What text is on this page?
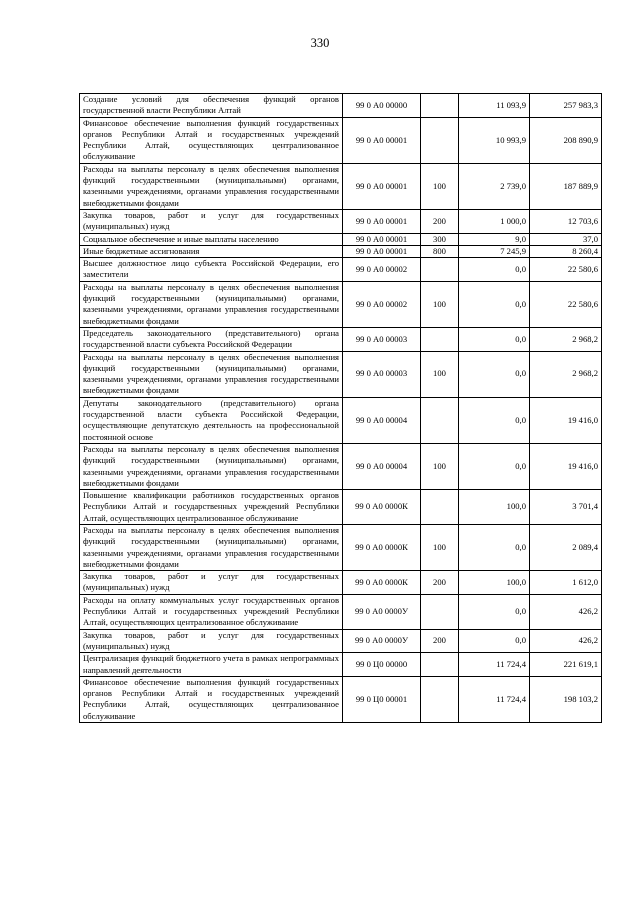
330
Создание условий для обеспечения функций органов государственной власти Республики Алтай	99 0 А0 00000		11 093,9	257 983,3
Финансовое обеспечение выполнения функций государственных органов Республики Алтай и государственных учреждений Республики Алтай, осуществляющих централизованное обслуживание	99 0 А0 00001		10 993,9	208 890,9
Расходы на выплаты персоналу в целях обеспечения выполнения функций государственными (муниципальными) органами, казенными учреждениями, органами управления государственными внебюджетными фондами	99 0 А0 00001	100	2 739,0	187 889,9
Закупка товаров, работ и услуг для государственных (муниципальных) нужд	99 0 А0 00001	200	1 000,0	12 703,6
Социальное обеспечение и иные выплаты населению	99 0 А0 00001	300	9,0	37,0
Иные бюджетные ассигнования	99 0 А0 00001	800	7 245,9	8 260,4
Высшее должностное лицо субъекта Российской Федерации, его заместители	99 0 А0 00002		0,0	22 580,6
Расходы на выплаты персоналу в целях обеспечения выполнения функций государственными (муниципальными) органами, казенными учреждениями, органами управления государственными внебюджетными фондами	99 0 А0 00002	100	0,0	22 580,6
Председатель законодательного (представительного) органа государственной власти субъекта Российской Федерации	99 0 А0 00003		0,0	2 968,2
Расходы на выплаты персоналу в целях обеспечения выполнения функций государственными (муниципальными) органами, казенными учреждениями, органами управления государственными внебюджетными фондами	99 0 А0 00003	100	0,0	2 968,2
Депутаты законодательного (представительного) органа государственной власти субъекта Российской Федерации, осуществляющие депутатскую деятельность на профессиональной постоянной основе	99 0 А0 00004		0,0	19 416,0
Расходы на выплаты персоналу в целях обеспечения выполнения функций государственными (муниципальными) органами, казенными учреждениями, органами управления государственными внебюджетными фондами	99 0 А0 00004	100	0,0	19 416,0
Повышение квалификации работников государственных органов Республики Алтай и государственных учреждений Республики Алтай, осуществляющих централизованное обслуживание	99 0 А0 0000К		100,0	3 701,4
Расходы на выплаты персоналу в целях обеспечения выполнения функций государственными (муниципальными) органами, казенными учреждениями, органами управления государственными внебюджетными фондами	99 0 А0 0000К	100	0,0	2 089,4
Закупка товаров, работ и услуг для государственных (муниципальных) нужд	99 0 А0 0000К	200	100,0	1 612,0
Расходы на оплату коммунальных услуг государственных органов Республики Алтай и государственных учреждений Республики Алтай, осуществляющих централизованное обслуживание	99 0 А0 0000У		0,0	426,2
Закупка товаров, работ и услуг для государственных (муниципальных) нужд	99 0 А0 0000У	200	0,0	426,2
Централизация функций бюджетного учета в рамках непрограммных направлений деятельности	99 0 Ц0 00000		11 724,4	221 619,1
Финансовое обеспечение выполнения функций государственных органов Республики Алтай и государственных учреждений Республики Алтай, осуществляющих централизованное обслуживание	99 0 Ц0 00001		11 724,4	198 103,2
